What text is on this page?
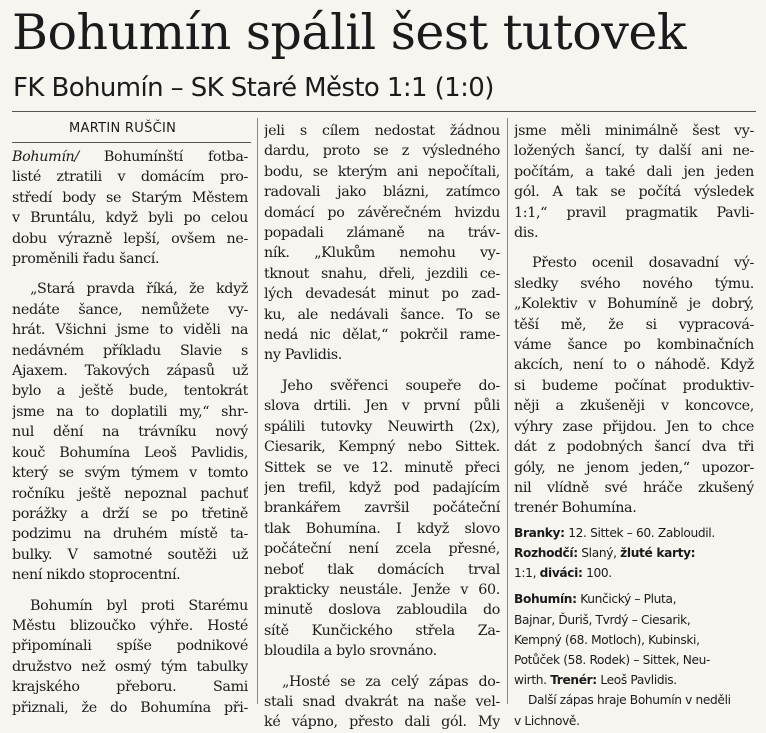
Bohumín spálil šest tutovek
FK Bohumín – SK Staré Město 1:1 (1:0)
MARTIN RUŠČIN
Bohumín/ Bohumínští fotba-
listé ztratili v domácím pro-
středí body se Starým Městem
v Bruntálu, když byli po celou
dobu výrazně lepší, ovšem ne-
proměnili řadu šancí.
„Stará pravda říká, že když
nedáte šance, nemůžete vy-
hrát. Všichni jsme to viděli na
nedávném příkladu Slavie s
Ajaxem. Takových zápasů už
bylo a ještě bude, tentokrát
jsme na to doplatili my,“ shr-
nul dění na trávníku nový
kouč Bohumína Leoš Pavlidis,
který se svým týmem v tomto
ročníku ještě nepoznal pachuť
porážky a drží se po třetině
podzimu na druhém místě ta-
bulky. V samotné soutěži už
není nikdo stoprocentní.
Bohumín byl proti Starému
Městu blizoučko výhře. Hosté
připomínali spíše podnikové
družstvo než osmý tým tabulky
krajského přeboru. Sami
přiznali, že do Bohumína při-
jeli s cílem nedostat žádnou
dardu, proto se z výsledného
bodu, se kterým ani nepočítali,
radovali jako blázni, zatímco
domácí po závěrečném hvizdu
popadali zlámaně na tráv-
ník. „Klukům nemohu vy-
tknout snahu, dřeli, jezdili ce-
lých devadesát minut po zad-
ku, ale nedávali šance. To se
nedá nic dělat,“ pokrčil rame-
ny Pavlidis.
Jeho svěřenci soupeře do-
slova drtili. Jen v první půli
spálili tutovky Neuwirth (2x),
Ciesarik, Kempný nebo Sittek.
Sittek se ve 12. minutě přeci
jen trefil, když pod padajícím
brankářem završil počáteční
tlak Bohumína. I když slovo
počáteční není zcela přesné,
neboť tlak domácích trval
prakticky neustále. Jenže v 60.
minutě doslova zabloudila do
sítě Kunčického střela Za-
bloudila a bylo srovnáno.
„Hosté se za celý zápas do-
stali snad dvakrát na naše vel-
ké vápno, přesto dali gól. My
jsme měli minimálně šest vy-
ložených šancí, ty další ani ne-
počítám, a také dali jen jeden
gól. A tak se počítá výsledek
1:1,“ pravil pragmatik Pavli-
dis.
Přesto ocenil dosavadní vý-
sledky svého nového týmu.
„Kolektiv v Bohumíně je dobrý,
těší mě, že si vypracová-
váme šance po kombinačních
akcích, není to o náhodě. Když
si budeme počínat produktiv-
něji a zkušeněji v koncovce,
výhry zase přijdou. Jen to chce
dát z podobných šancí dva tři
góly, ne jenom jeden,“ upozor-
nil vlídně své hráče zkušený
trenér Bohumína.
Branky: 12. Sittek – 60. Zabloudil.
Rozhodčí: Slaný, žluté karty:
1:1, diváci: 100.
Bohumín: Kunčický – Pluta,
Bajnar, Ďuriš, Tvrdý – Ciesarik,
Kempný (68. Motloch), Kubinski,
Potůček (58. Rodek) – Sittek, Neu-
wirth. Trenér: Leoš Pavlidis.
Další zápas hraje Bohumín v neděli
v Lichnově.
